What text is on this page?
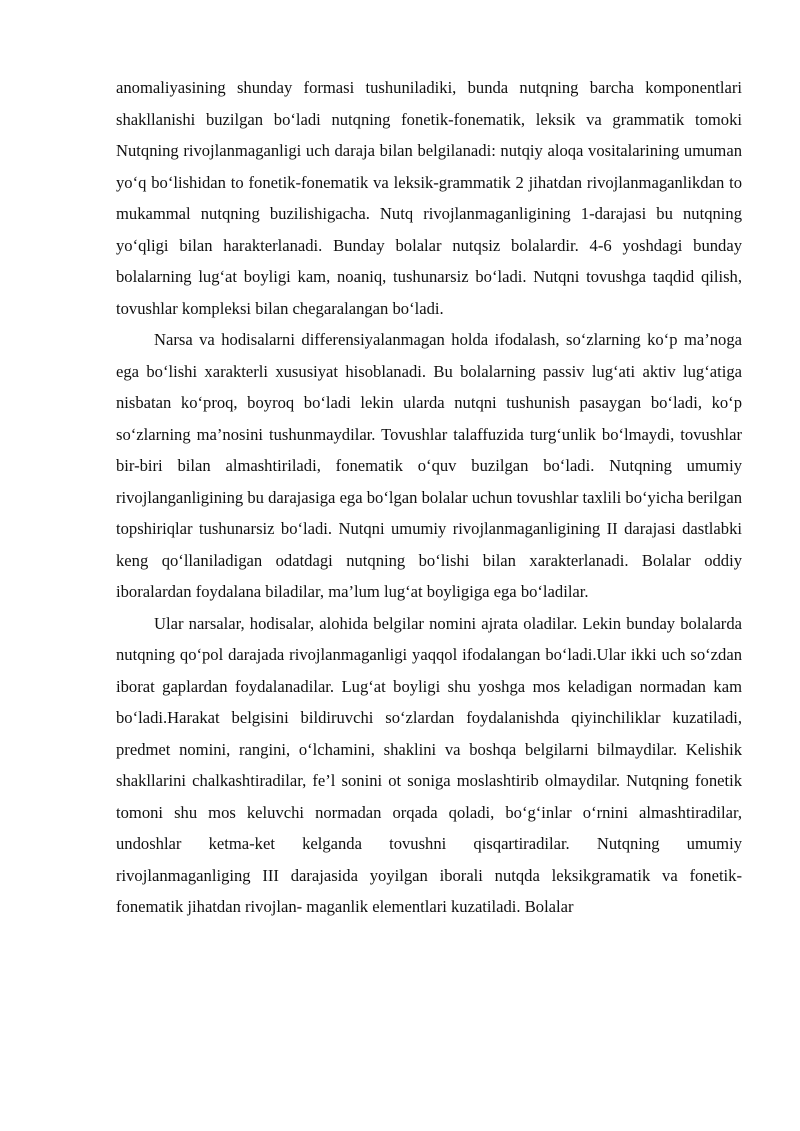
anomaliyasining shunday formasi tushuniladiki, bunda nutqning barcha komponentlari shakllanishi buzilgan bo‘ladi nutqning fonetik-fonematik, leksik va grammatik tomoki Nutqning rivojlanmaganligi uch daraja bilan belgilanadi: nutqiy aloqa vositalarining umuman yo‘q bo‘lishidan to fonetik-fonematik va leksik-grammatik 2 jihatdan rivojlanmaganlikdan to mukammal nutqning buzilishigacha. Nutq rivojlanmaganligining 1-darajasi bu nutqning yo‘qligi bilan harakterlanadi. Bunday bolalar nutqsiz bolalardir. 4-6 yoshdagi bunday bolalarning lug‘at boyligi kam, noaniq, tushunarsiz bo‘ladi. Nutqni tovushga taqdid qilish, tovushlar kompleksi bilan chegaralangan bo‘ladi.

Narsa va hodisalarni differensiyalanmagan holda ifodalash, so‘zlarning ko‘p ma’noga ega bo‘lishi xarakterli xususiyat hisoblanadi. Bu bolalarning passiv lug‘ati aktiv lug‘atiga nisbatan ko‘proq, boyroq bo‘ladi lekin ularda nutqni tushunish pasaygan bo‘ladi, ko‘p so‘zlarning ma’nosini tushunmaydilar. Tovushlar talaffuzida turg‘unlik bo‘lmaydi, tovushlar bir-biri bilan almashtiriladi, fonematik o‘quv buzilgan bo‘ladi. Nutqning umumiy rivojlanganligining bu darajasiga ega bo‘lgan bolalar uchun tovushlar taxlili bo‘yicha berilgan topshiriqlar tushunarsiz bo‘ladi. Nutqni umumiy rivojlanmaganligining II darajasi dastlabki keng qo‘llaniladigan odatdagi nutqning bo‘lishi bilan xarakterlanadi. Bolalar oddiy iboralardan foydalana biladilar, ma’lum lug‘at boyligiga ega bo‘ladilar.

Ular narsalar, hodisalar, alohida belgilar nomini ajrata oladilar. Lekin bunday bolalarda nutqning qo‘pol darajada rivojlanmaganligi yaqqol ifodalangan bo‘ladi.Ular ikki uch so‘zdan iborat gaplardan foydalanadilar. Lug‘at boyligi shu yoshga mos keladigan normadan kam bo‘ladi.Harakat belgisini bildiruvchi so‘zlardan foydalanishda qiyinchiliklar kuzatiladi, predmet nomini, rangini, o‘lchamini, shaklini va boshqa belgilarni bilmaydilar. Kelishik shakllarini chalkashtiradilar, fe’l sonini ot soniga moslashtirib olmaydilar. Nutqning fonetik tomoni shu mos keluvchi normadan orqada qoladi, bo‘g‘inlar o‘rnini almashtiradilar, undoshlar ketma-ket kelganda tovushni qisqartiradilar. Nutqning umumiy rivojlanmaganliging III darajasida yoyilgan iborali nutqda leksikgramatik va fonetik-fonematik jihatdan rivojlan- maganlik elementlari kuzatiladi. Bolalar
